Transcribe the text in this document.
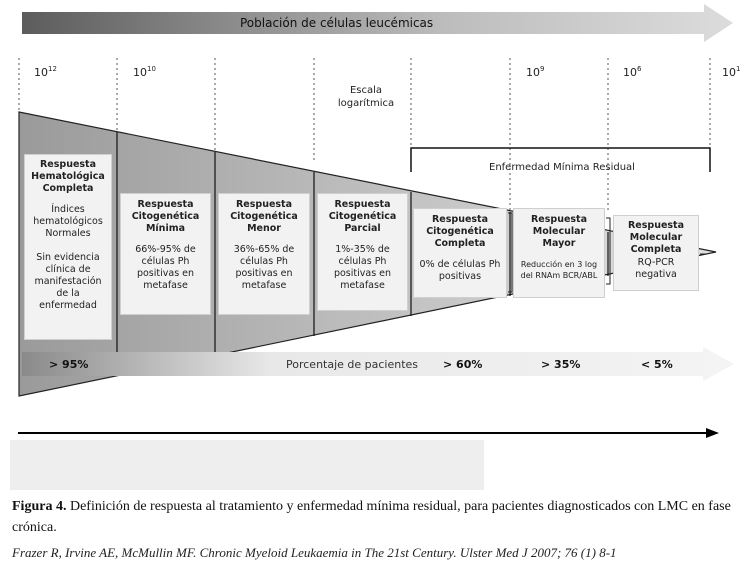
Población de células leucémicas
$10^{12}$	$10^{10}$	$10^9$	$10^6$	$10^1$
Escala
logarítmica
Enfermedad Mínima Residual
Respuesta
Hematológica
Completa
Índices
hematológicos
Normales

Sin evidencia
clínica de
manifestación
de la
enfermedad
Respuesta
Citogenética
Mínima
66%-95% de
células Ph
positivas en
metafase
Respuesta
Citogenética
Menor
36%-65% de
células Ph
positivas en
metafase
Respuesta
Citogenética
Parcial
1%-35% de
células Ph
positivas en
metafase
Respuesta
Citogenética
Completa
0% de células Ph
positivas
Respuesta
Molecular
Mayor
Reducción en 3 log
del RNAm BCR/ABL
Respuesta
Molecular
Completa
RQ-PCR
negativa
> 95%	Porcentaje de pacientes > 60%	> 35%	< 5%
Figura 4. Definición de respuesta al tratamiento y enfermedad mínima residual, para pacientes diagnosticados con LMC en fase crónica.
Frazer R, Irvine AE, McMullin MF. Chronic Myeloid Leukaemia in The 21st Century. Ulster Med J 2007; 76 (1) 8-1
